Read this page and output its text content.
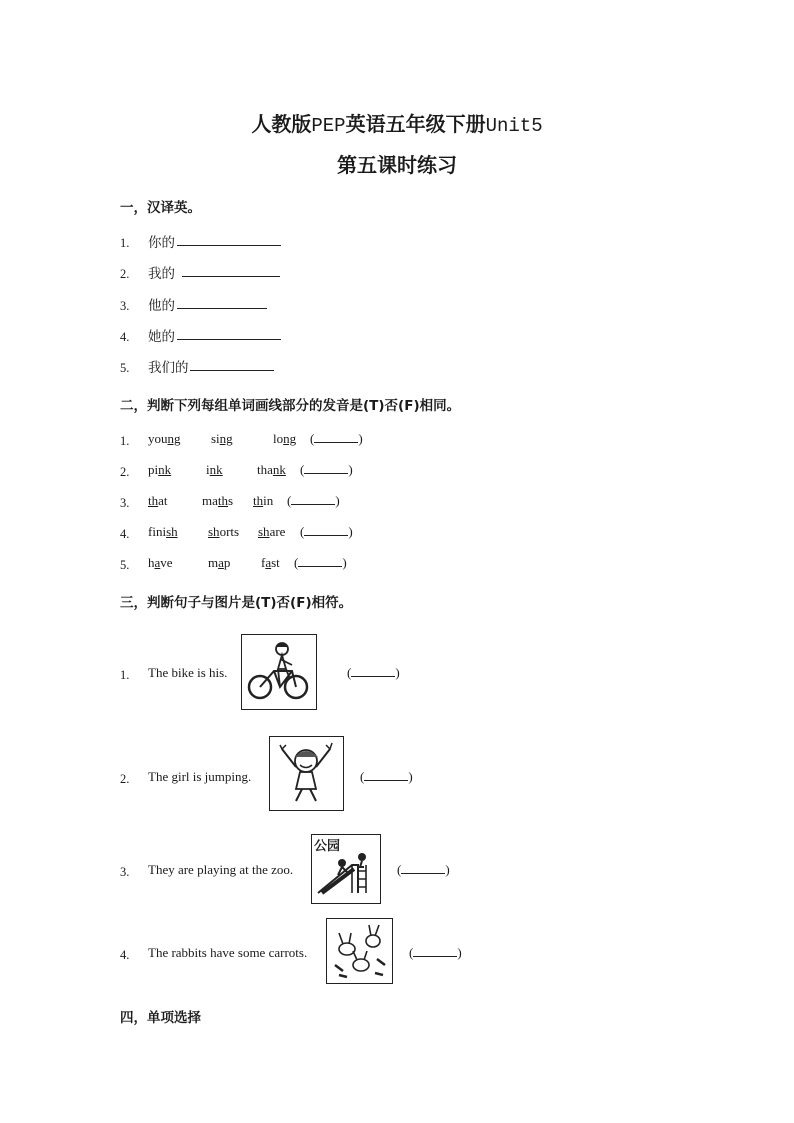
人教版PEP英语五年级下册Unit5
第五课时练习
一，汉译英。
1. 你的
2. 我的
3. 他的
4. 她的
5. 我们的
二，判断下列每组单词画线部分的发音是(T)否(F)相同。
1. young sing	long (	)
2. pink	ink	thank (	)
3. that	maths thin (	)
4. finish shorts share (	)
5. have	map fast (	)
三，判断句子与图片是(T)否(F)相符。
1. The bike is his.	(	)
2. The girl is jumping.	(	)
3. They are playing at the zoo.	(	)
公园
4. The rabbits have some carrots.	(	)
四，单项选择
